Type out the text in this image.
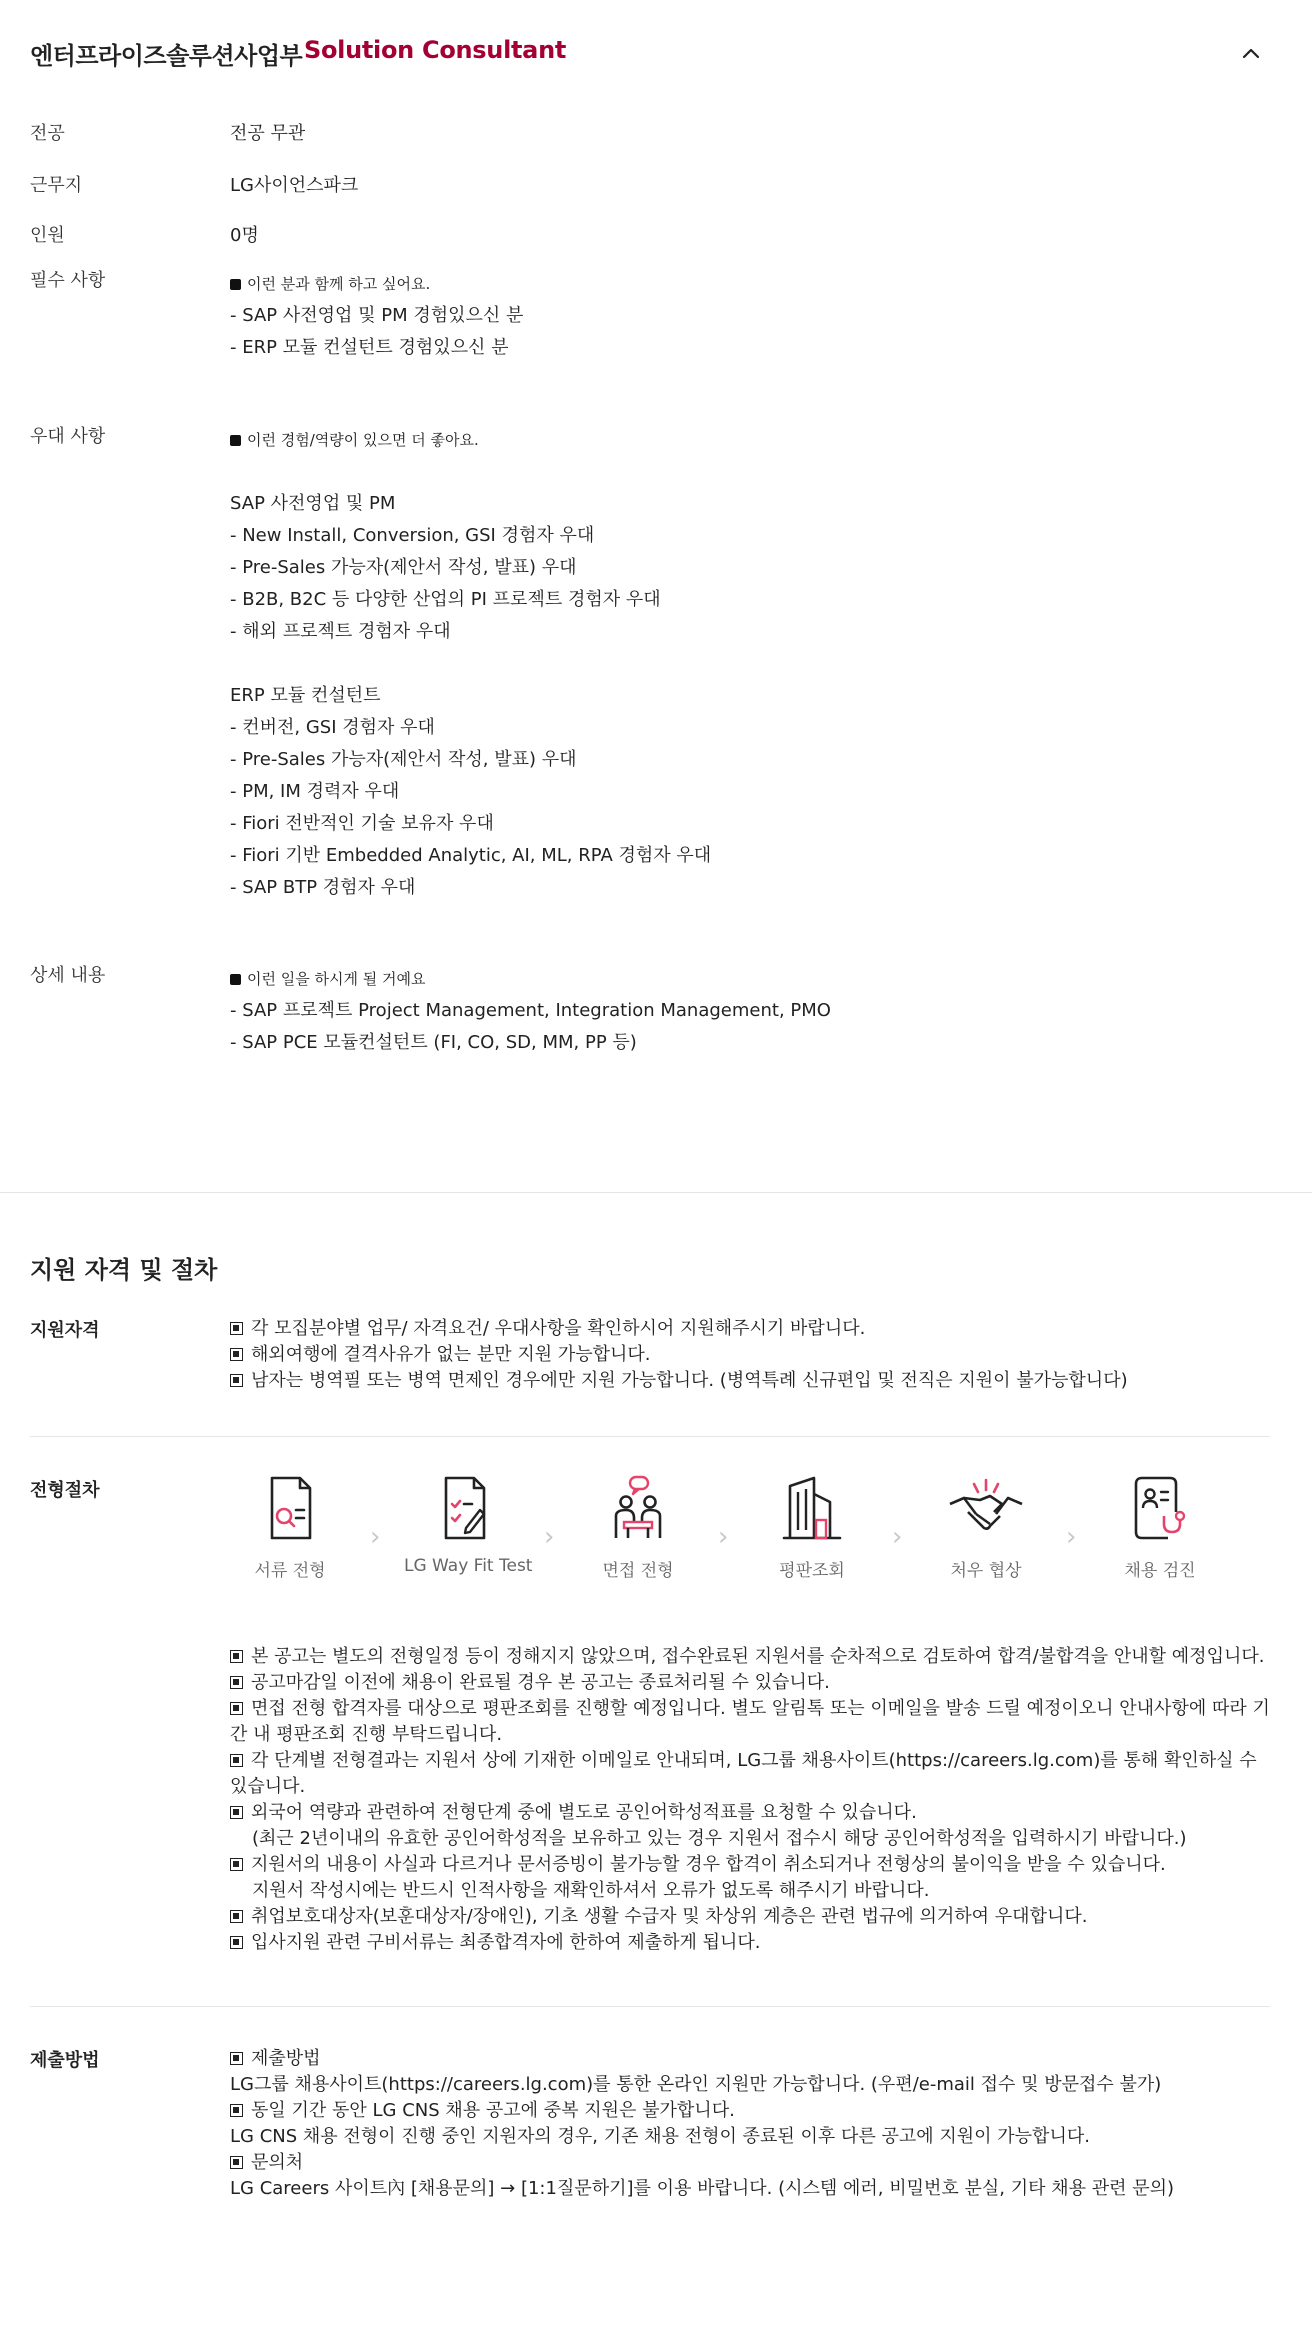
엔터프라이즈솔루션사업부 Solution Consultant
전공	전공 무관
근무지	LG사이언스파크
인원	0명
필수 사항	이런 분과 함께 하고 싶어요.
- SAP 사전영업 및 PM 경험있으신 분
- ERP 모듈 컨설턴트 경험있으신 분
우대 사항	이런 경험/역량이 있으면 더 좋아요.
SAP 사전영업 및 PM
- New Install, Conversion, GSI 경험자 우대
- Pre-Sales 가능자(제안서 작성, 발표) 우대
- B2B, B2C 등 다양한 산업의 PI 프로젝트 경험자 우대
- 해외 프로젝트 경험자 우대
ERP 모듈 컨설턴트
- 컨버전, GSI 경험자 우대
- Pre-Sales 가능자(제안서 작성, 발표) 우대
- PM, IM 경력자 우대
- Fiori 전반적인 기술 보유자 우대
- Fiori 기반 Embedded Analytic, AI, ML, RPA 경험자 우대
- SAP BTP 경험자 우대
상세 내용	이런 일을 하시게 될 거예요
- SAP 프로젝트 Project Management, Integration Management, PMO
- SAP PCE 모듈컨설턴트 (FI, CO, SD, MM, PP 등)
지원 자격 및 절차
지원자격	각 모집분야별 업무/ 자격요건/ 우대사항을 확인하시어 지원해주시기 바랍니다.
해외여행에 결격사유가 없는 분만 지원 가능합니다.
남자는 병역필 또는 병역 면제인 경우에만 지원 가능합니다. (병역특례 신규편입 및 전직은 지원이 불가능합니다)
전형절차
서류 전형
›
LG Way Fit Test
›
면접 전형
›
평판조회
›
처우 협상
›
채용 검진
본 공고는 별도의 전형일정 등이 정해지지 않았으며, 접수완료된 지원서를 순차적으로 검토하여 합격/불합격을 안내할 예정입니다.
공고마감일 이전에 채용이 완료될 경우 본 공고는 종료처리될 수 있습니다.
면접 전형 합격자를 대상으로 평판조회를 진행할 예정입니다. 별도 알림톡 또는 이메일을 발송 드릴 예정이오니 안내사항에 따라 기간 내 평판조회 진행 부탁드립니다.
각 단계별 전형결과는 지원서 상에 기재한 이메일로 안내되며, LG그룹 채용사이트(https://careers.lg.com)를 통해 확인하실 수 있습니다.
외국어 역량과 관련하여 전형단계 중에 별도로 공인어학성적표를 요청할 수 있습니다.
(최근 2년이내의 유효한 공인어학성적을 보유하고 있는 경우 지원서 접수시 해당 공인어학성적을 입력하시기 바랍니다.)
지원서의 내용이 사실과 다르거나 문서증빙이 불가능할 경우 합격이 취소되거나 전형상의 불이익을 받을 수 있습니다.
지원서 작성시에는 반드시 인적사항을 재확인하셔서 오류가 없도록 해주시기 바랍니다.
취업보호대상자(보훈대상자/장애인), 기초 생활 수급자 및 차상위 계층은 관련 법규에 의거하여 우대합니다.
입사지원 관련 구비서류는 최종합격자에 한하여 제출하게 됩니다.
제출방법	제출방법
LG그룹 채용사이트(https://careers.lg.com)를 통한 온라인 지원만 가능합니다. (우편/e-mail 접수 및 방문접수 불가)
동일 기간 동안 LG CNS 채용 공고에 중복 지원은 불가합니다.
LG CNS 채용 전형이 진행 중인 지원자의 경우, 기존 채용 전형이 종료된 이후 다른 공고에 지원이 가능합니다.
문의처
LG Careers 사이트內 [채용문의] → [1:1질문하기]를 이용 바랍니다. (시스템 에러, 비밀번호 분실, 기타 채용 관련 문의)
